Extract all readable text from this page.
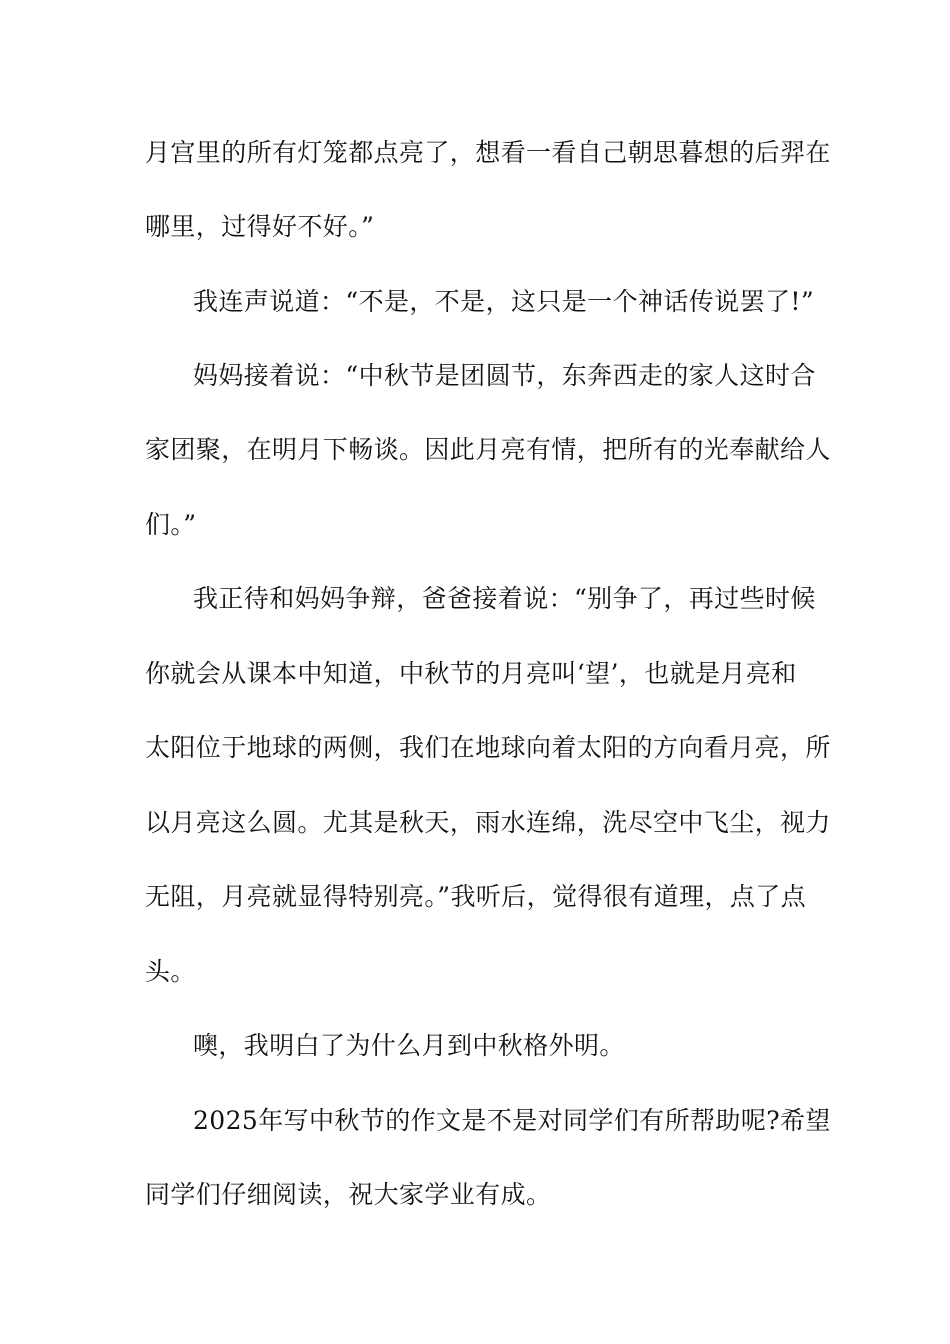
月宫里的所有灯笼都点亮了，想看一看自己朝思暮想的后羿在
哪里，过得好不好。”
我连声说道：“不是，不是，这只是一个神话传说罢了!”
妈妈接着说：“中秋节是团圆节，东奔西走的家人这时合
家团聚，在明月下畅谈。因此月亮有情，把所有的光奉献给人
们。”
我正待和妈妈争辩，爸爸接着说：“别争了，再过些时候
你就会从课本中知道，中秋节的月亮叫‘望’，也就是月亮和
太阳位于地球的两侧，我们在地球向着太阳的方向看月亮，所
以月亮这么圆。尤其是秋天，雨水连绵，洗尽空中飞尘，视力
无阻，月亮就显得特别亮。”我听后，觉得很有道理，点了点
头。
噢，我明白了为什么月到中秋格外明。
2025年写中秋节的作文是不是对同学们有所帮助呢?希望
同学们仔细阅读，祝大家学业有成。
